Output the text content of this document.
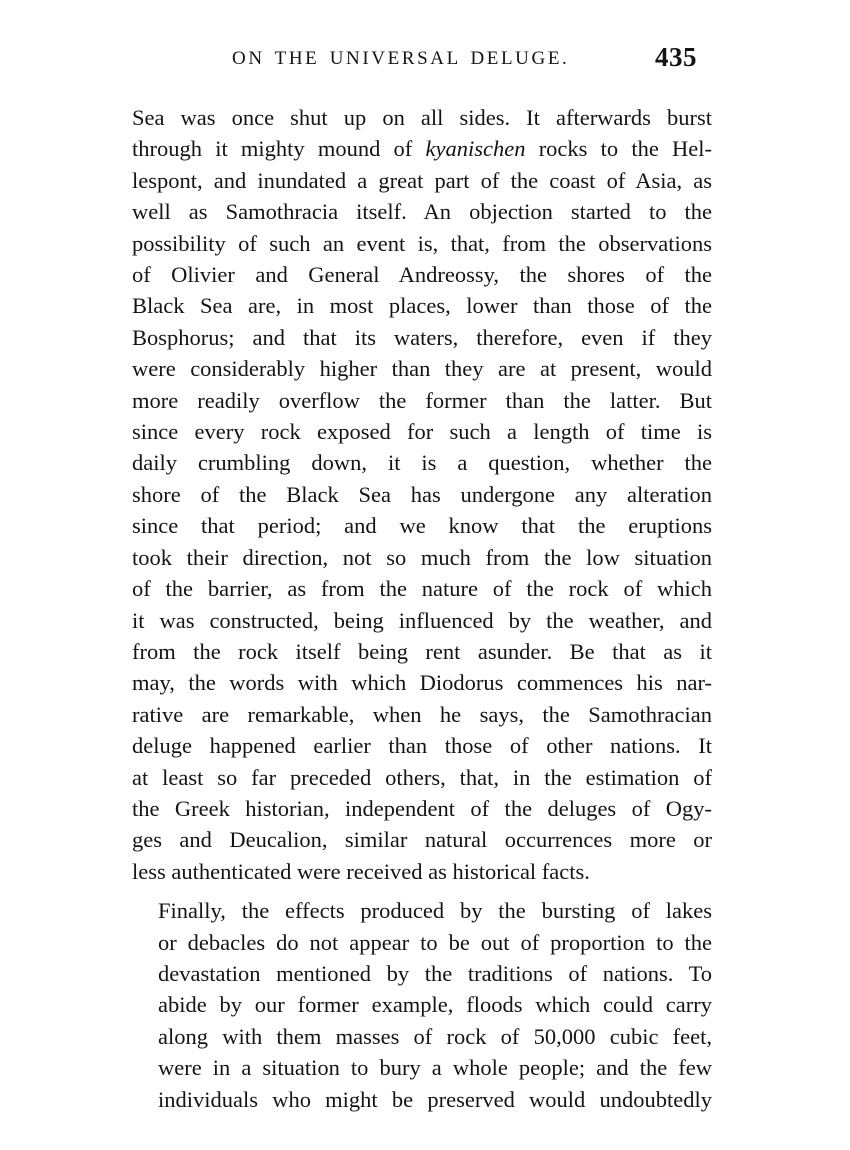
ON THE UNIVERSAL DELUGE.	435

Sea was once shut up on all sides. It afterwards burst
through it mighty mound of kyanischen rocks to the Hel-
lespont, and inundated a great part of the coast of Asia, as
well as Samothracia itself. An objection started to the
possibility of such an event is, that, from the observations
of Olivier and General Andreossy, the shores of the
Black Sea are, in most places, lower than those of the
Bosphorus; and that its waters, therefore, even if they
were considerably higher than they are at present, would
more readily overflow the former than the latter. But
since every rock exposed for such a length of time is
daily crumbling down, it is a question, whether the
shore of the Black Sea has undergone any alteration
since that period; and we know that the eruptions
took their direction, not so much from the low situation
of the barrier, as from the nature of the rock of which
it was constructed, being influenced by the weather, and
from the rock itself being rent asunder. Be that as it
may, the words with which Diodorus commences his nar-
rative are remarkable, when he says, the Samothracian
deluge happened earlier than those of other nations. It
at least so far preceded others, that, in the estimation of
the Greek historian, independent of the deluges of Ogy-
ges and Deucalion, similar natural occurrences more or
less authenticated were received as historical facts.

Finally, the effects produced by the bursting of lakes
or debacles do not appear to be out of proportion to the
devastation mentioned by the traditions of nations. To
abide by our former example, floods which could carry
along with them masses of rock of 50,000 cubic feet,
were in a situation to bury a whole people; and the few
individuals who might be preserved would undoubtedly
